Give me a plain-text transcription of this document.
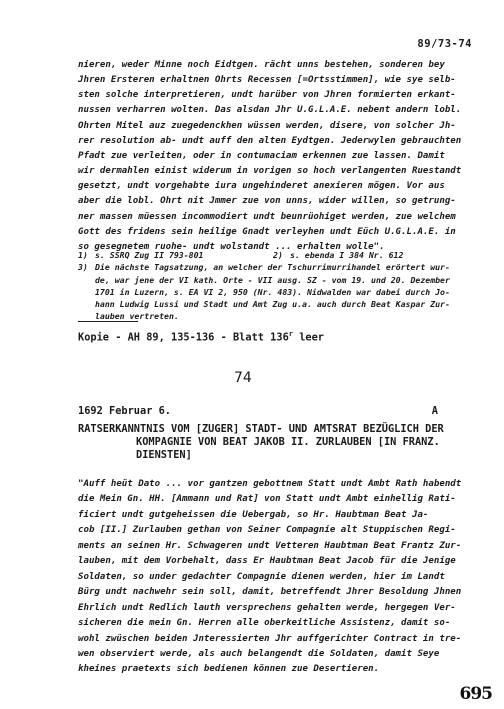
89/73-74
nieren, weder Minne noch Eidtgen. rächt unns bestehen, sonderen bey
Jhren Ersteren erhaltnen Ohrts Recessen [=Ortsstimmen], wie sye selb-
sten solche interpretieren, undt harüber von Jhren formierten erkant-
nussen verharren wolten. Das alsdan Jhr U.G.L.A.E. nebent andern lobl.
Ohrten Mitel auz zuegedenckhen wüssen werden, disere, von solcher Jh-
rer resolution ab- undt auff den alten Eydtgen. Jederwylen gebrauchten
Pfadt zue verleiten, oder in contumaciam erkennen zue lassen. Damit
wir dermahlen einist widerum in vorigen so hoch verlangenten Ruestandt
gesetzt, undt vorgehabte iura ungehinderet anexieren mögen. Vor aus
aber die lobl. Ohrt nit Jmmer zue von unns, wider willen, so getrung-
ner massen müessen incommodiert undt beunrüohiget werden, zue welchem
Gott des fridens sein heilige Gnadt verleyhen undt Eüch U.G.L.A.E. in
so gesegnetem ruohe- undt wolstandt ... erhalten wolle".
1) s. SSRQ Zug II 793-801	2) s. ebenda I 384 Nr. 612
3) Die nächste Tagsatzung, an welcher der Tschurrimurrihandel erörtert wur-
de, war jene der VI kath. Orte - VII ausg. SZ - vom 19. und 20. Dezember
1701 in Luzern, s. EA VI 2, 950 (Nr. 483). Nidwalden war dabei durch Jo-
hann Ludwig Lussi und Stadt und Amt Zug u.a. auch durch Beat Kaspar Zur-
lauben vertreten.
Kopie - AH 89, 135-136 - Blatt 136$^r$ leer
74
1692 Februar 6.	A
RATSERKANNTNIS VOM [ZUGER] STADT- UND AMTSRAT BEZÜGLICH DER
KOMPAGNIE VON BEAT JAKOB II. ZURLAUBEN [IN FRANZ.
DIENSTEN]
"Auff heüt Dato ... vor gantzen gebottnem Statt undt Ambt Rath habendt
die Mein Gn. HH. [Ammann und Rat] von Statt undt Ambt einhellig Rati-
ficiert undt gutgeheissen die Uebergab, so Hr. Haubtman Beat Ja-
cob [II.] Zurlauben gethan von Seiner Compagnie alt Stuppischen Regi-
ments an seinen Hr. Schwageren undt Vetteren Haubtman Beat Frantz Zur-
lauben, mit dem Vorbehalt, dass Er Haubtman Beat Jacob für die Jenige
Soldaten, so under gedachter Compagnie dienen werden, hier im Landt
Bürg undt nachwehr sein soll, damit, betreffendt Jhrer Besoldung Jhnen
Ehrlich undt Redlich lauth versprechens gehalten werde, hergegen Ver-
sicheren die mein Gn. Herren alle oberkeitliche Assistenz, damit so-
wohl zwüschen beiden Jnteressierten Jhr auffgerichter Contract in tre-
wen observiert werde, als auch belangendt die Soldaten, damit Seye
kheines praetexts sich bedienen können zue Desertieren.
695
